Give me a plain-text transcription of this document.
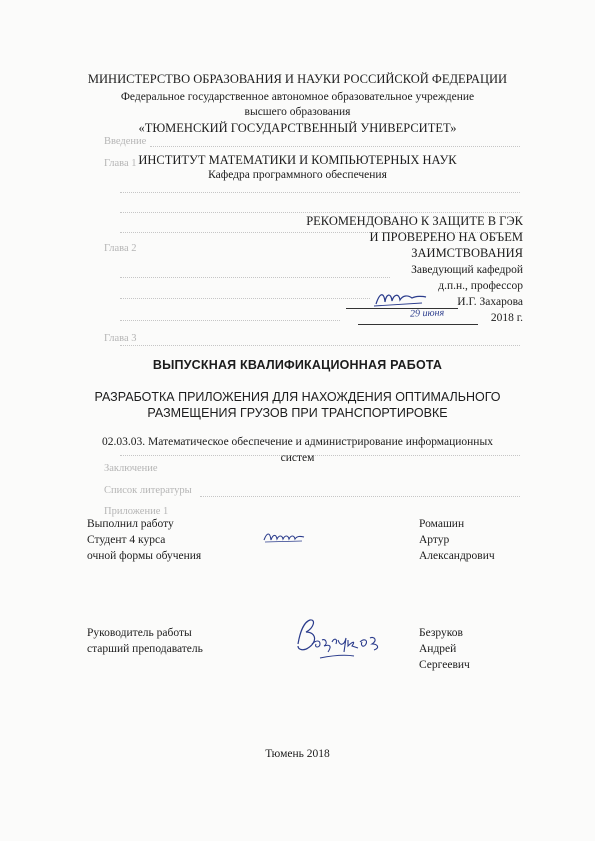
Введение
Глава 1
Глава 2
Глава 3
Заключение
Список литературы
Приложение 1
МИНИСТЕРСТВО ОБРАЗОВАНИЯ И НАУКИ РОССИЙСКОЙ ФЕДЕРАЦИИ
Федеральное государственное автономное образовательное учреждение
высшего образования
«ТЮМЕНСКИЙ ГОСУДАРСТВЕННЫЙ УНИВЕРСИТЕТ»
ИНСТИТУТ МАТЕМАТИКИ И КОМПЬЮТЕРНЫХ НАУК
Кафедра программного обеспечения
РЕКОМЕНДОВАНО К ЗАЩИТЕ В ГЭК
И ПРОВЕРЕНО НА ОБЪЕМ
ЗАИМСТВОВАНИЯ
Заведующий кафедрой
д.п.н., профессор
И.Г. Захарова
29 июня	2018 г.
ВЫПУСКНАЯ КВАЛИФИКАЦИОННАЯ РАБОТА
РАЗРАБОТКА ПРИЛОЖЕНИЯ ДЛЯ НАХОЖДЕНИЯ ОПТИМАЛЬНОГО
РАЗМЕЩЕНИЯ ГРУЗОВ ПРИ ТРАНСПОРТИРОВКЕ
02.03.03. Математическое обеспечение и администрирование информационных
систем
Выполнил работу
Студент 4 курса
очной формы обучения
Ромашин
Артур
Александрович
Руководитель работы
старший преподаватель
Безруков
Андрей
Сергеевич
Тюмень 2018
